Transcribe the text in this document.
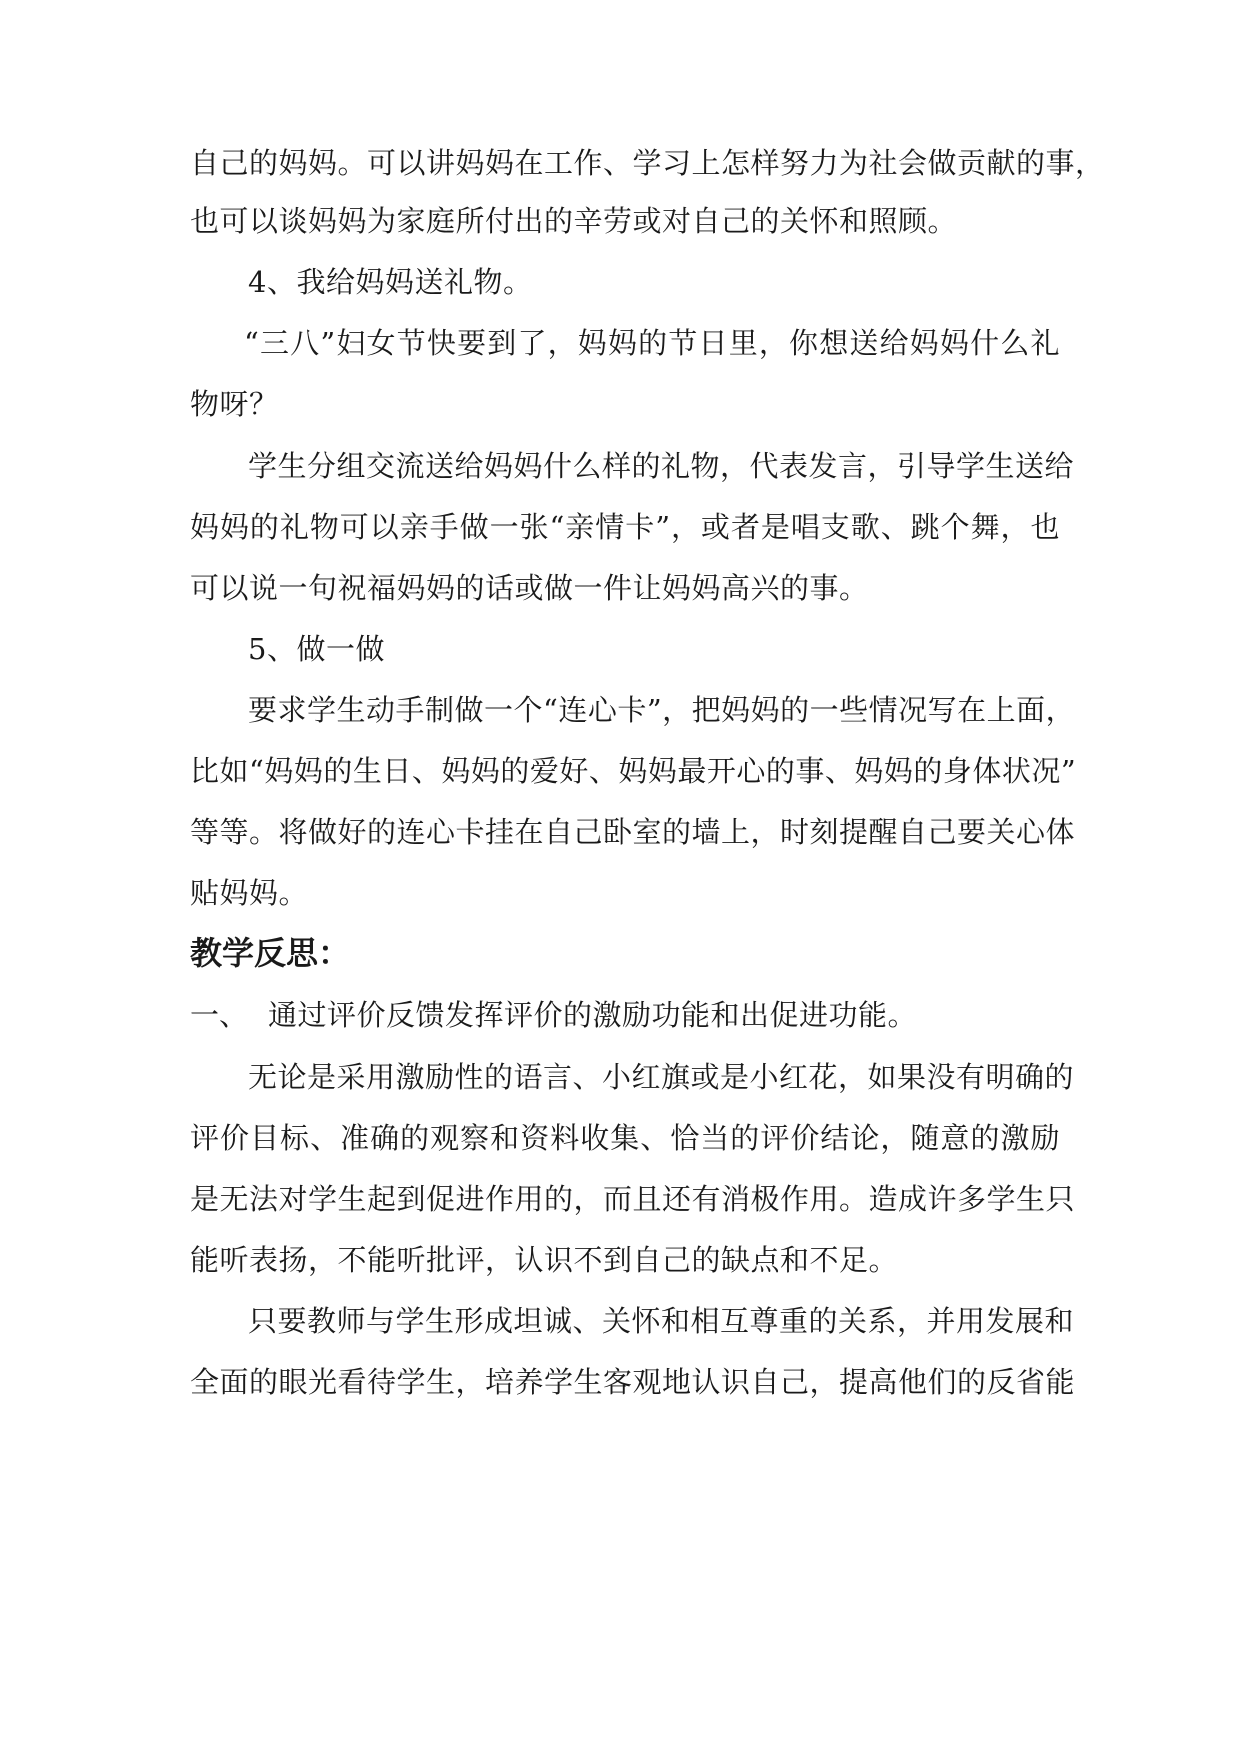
自己的妈妈。可以讲妈妈在工作、学习上怎样努力为社会做贡献的事，
也可以谈妈妈为家庭所付出的辛劳或对自己的关怀和照顾。
4、我给妈妈送礼物。
“三八”妇女节快要到了，妈妈的节日里，你想送给妈妈什么礼
物呀？
学生分组交流送给妈妈什么样的礼物，代表发言，引导学生送给
妈妈的礼物可以亲手做一张“亲情卡”，或者是唱支歌、跳个舞，也
可以说一句祝福妈妈的话或做一件让妈妈高兴的事。
5、做一做
要求学生动手制做一个“连心卡”，把妈妈的一些情况写在上面，
比如“妈妈的生日、妈妈的爱好、妈妈最开心的事、妈妈的身体状况”
等等。将做好的连心卡挂在自己卧室的墙上，时刻提醒自己要关心体
贴妈妈。
教学反思：
一、 通过评价反馈发挥评价的激励功能和出促进功能。
无论是采用激励性的语言、小红旗或是小红花，如果没有明确的
评价目标、准确的观察和资料收集、恰当的评价结论，随意的激励
是无法对学生起到促进作用的，而且还有消极作用。造成许多学生只
能听表扬，不能听批评，认识不到自己的缺点和不足。
只要教师与学生形成坦诚、关怀和相互尊重的关系，并用发展和
全面的眼光看待学生，培养学生客观地认识自己，提高他们的反省能
